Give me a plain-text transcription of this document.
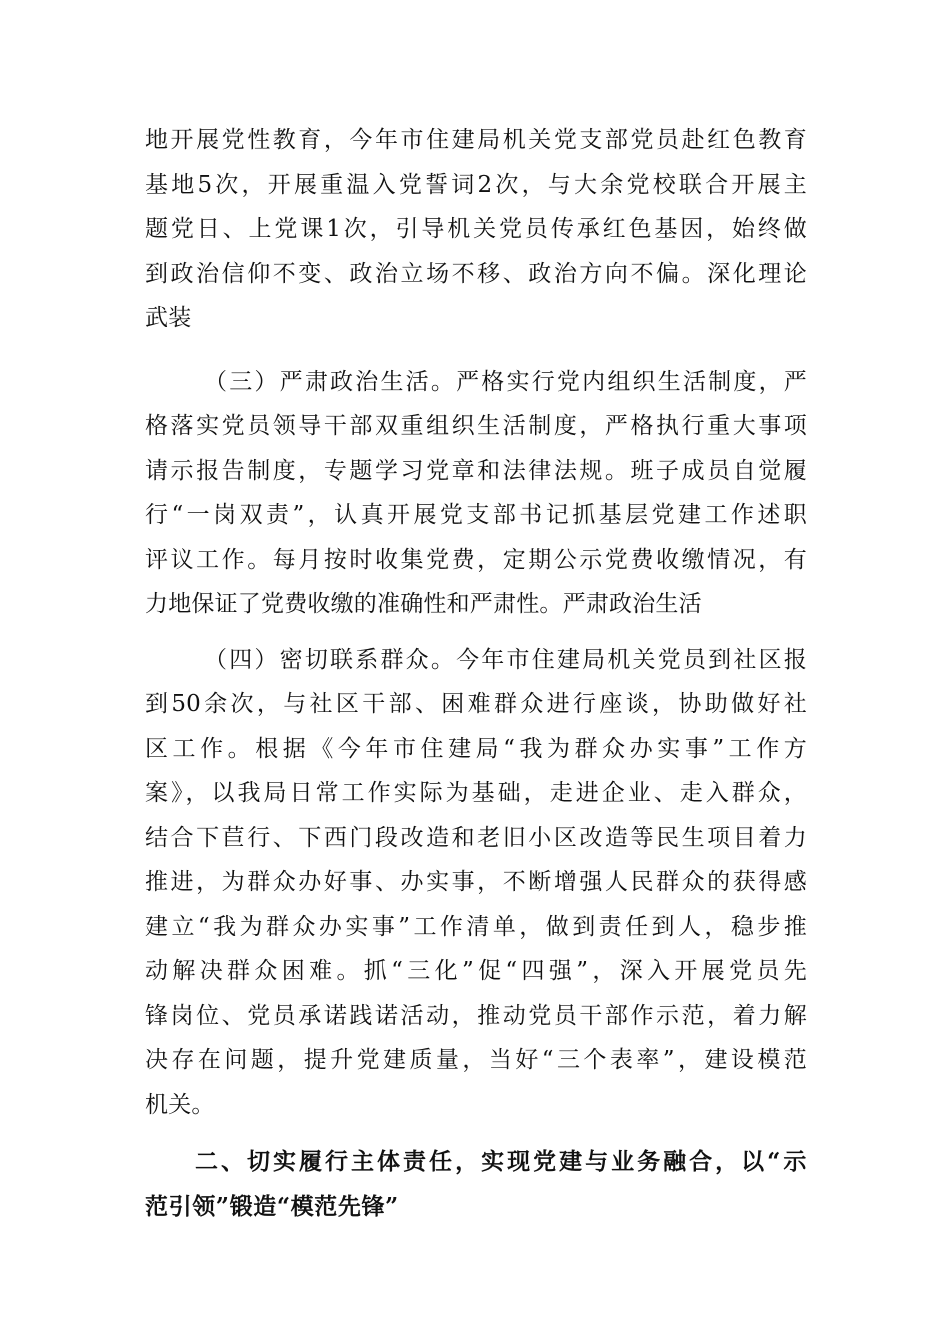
地开展党性教育，今年市住建局机关党支部党员赴红色教育
基地5次，开展重温入党誓词2次，与大余党校联合开展主
题党日、上党课1次，引导机关党员传承红色基因，始终做
到政治信仰不变、政治立场不移、政治方向不偏。深化理论
武装
（三）严肃政治生活。严格实行党内组织生活制度，严
格落实党员领导干部双重组织生活制度，严格执行重大事项
请示报告制度，专题学习党章和法律法规。班子成员自觉履
行“一岗双责”，认真开展党支部书记抓基层党建工作述职
评议工作。每月按时收集党费，定期公示党费收缴情况，有
力地保证了党费收缴的准确性和严肃性。严肃政治生活
（四）密切联系群众。今年市住建局机关党员到社区报
到50余次，与社区干部、困难群众进行座谈，协助做好社
区工作。根据《今年市住建局“我为群众办实事”工作方
案》，以我局日常工作实际为基础，走进企业、走入群众，
结合下苣行、下西门段改造和老旧小区改造等民生项目着力
推进，为群众办好事、办实事，不断增强人民群众的获得感
建立“我为群众办实事”工作清单，做到责任到人，稳步推
动解决群众困难。抓“三化”促“四强”，深入开展党员先
锋岗位、党员承诺践诺活动，推动党员干部作示范，着力解
决存在问题，提升党建质量，当好“三个表率”，建设模范
机关。
二、切实履行主体责任，实现党建与业务融合，以“示
范引领”锻造“模范先锋”
